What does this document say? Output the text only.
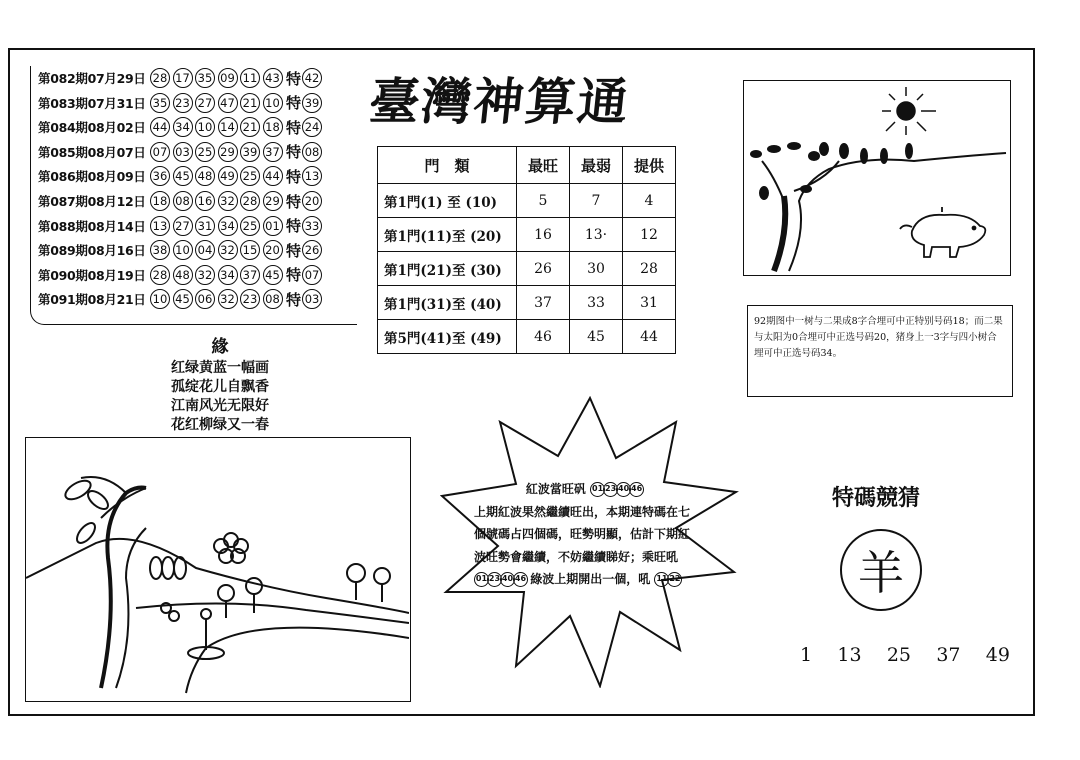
臺灣神算通
門　類	最旺	最弱	提供
第1門(1) 至 (10)	5	7	4
第1門(11)至 (20)	16	13·	12
第1門(21)至 (30)	26	30	28
第1門(31)至 (40)	37	33	31
第5門(41)至 (49)	46	45	44
緣
红绿黄蓝一幅画
孤绽花儿自飘香
江南风光无限好
花红柳绿又一春
92期图中一树与二果成8字合埋可中正特别号码18；而二果与太阳为0合埋可中正选号码20，猪身上一3字与四小树合埋可中正选号码34。
紅波當旺矾 01 23 40 46
上期紅波果然繼續旺出，本期連特碼在七個號碼占四個碼，旺勢明顯，估計下期紅波旺勢會繼續，不妨繼續睇好；乘旺吼
01 23 40 46 綠波上期開出一個，吼 11 22
特碼競猜
羊
1 13 25 37 49
第082期07月29日 28 17 35 09 11 43 特 42
第083期07月31日 35 23 27 47 21 10 特 39
第084期08月02日 44 34 10 14 21 18 特 24
第085期08月07日 07 03 25 29 39 37 特 08
第086期08月09日 36 45 48 49 25 44 特 13
第087期08月12日 18 08 16 32 28 29 特 20
第088期08月14日 13 27 31 34 25 01 特 33
第089期08月16日 38 10 04 32 15 20 特 26
第090期08月19日 28 48 32 34 37 45 特 07
第091期08月21日 10 45 06 32 23 08 特 03
